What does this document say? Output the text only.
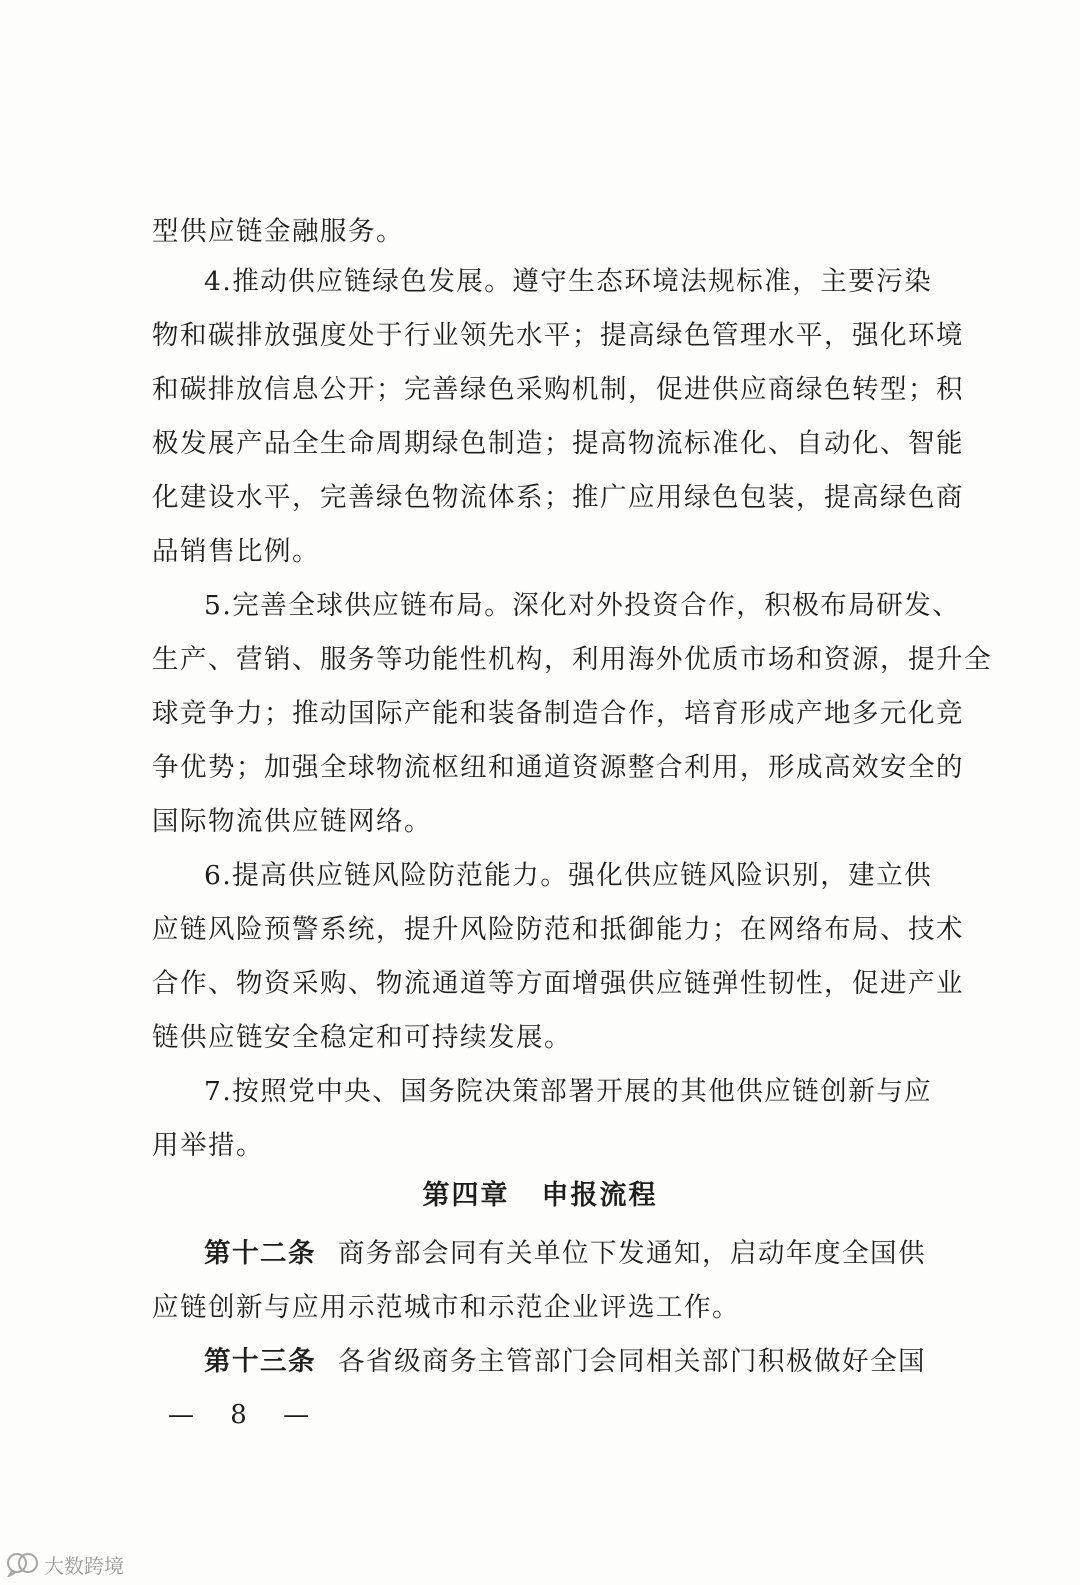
型供应链金融服务。
4.推动供应链绿色发展。遵守生态环境法规标准，主要污染
物和碳排放强度处于行业领先水平；提高绿色管理水平，强化环境
和碳排放信息公开；完善绿色采购机制，促进供应商绿色转型；积
极发展产品全生命周期绿色制造；提高物流标准化、自动化、智能
化建设水平，完善绿色物流体系；推广应用绿色包装，提高绿色商
品销售比例。
5.完善全球供应链布局。深化对外投资合作，积极布局研发、
生产、营销、服务等功能性机构，利用海外优质市场和资源，提升全
球竞争力；推动国际产能和装备制造合作，培育形成产地多元化竞
争优势；加强全球物流枢纽和通道资源整合利用，形成高效安全的
国际物流供应链网络。
6.提高供应链风险防范能力。强化供应链风险识别，建立供
应链风险预警系统，提升风险防范和抵御能力；在网络布局、技术
合作、物资采购、物流通道等方面增强供应链弹性韧性，促进产业
链供应链安全稳定和可持续发展。
7.按照党中央、国务院决策部署开展的其他供应链创新与应
用举措。
第十二条 商务部会同有关单位下发通知，启动年度全国供
应链创新与应用示范城市和示范企业评选工作。
第十三条 各省级商务主管部门会同相关部门积极做好全国
第四章 申报流程
— 8 —
大数跨境
